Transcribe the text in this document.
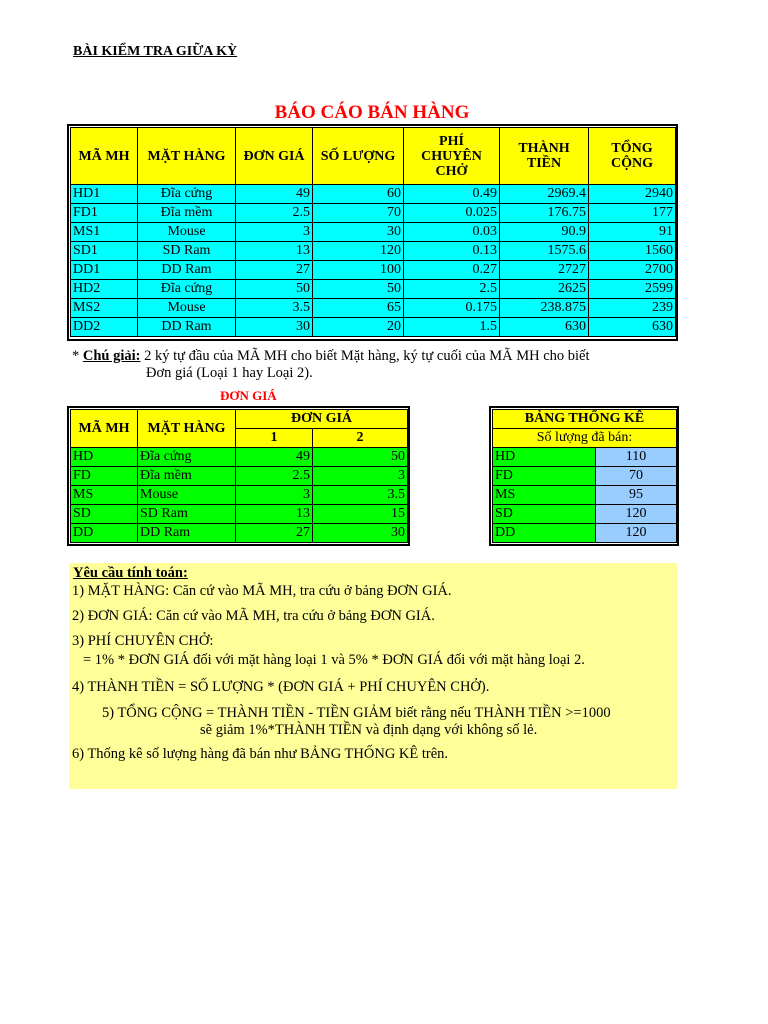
BÀI KIỂM TRA GIỮA KỲ
BÁO CÁO BÁN HÀNG
MÃ MH	MẶT HÀNG	ĐƠN GIÁ	SỐ LƯỢNG	PHÍ CHUYÊN CHỞ	THÀNH TIỀN	TỔNG CỘNG
HD1	Đĩa cứng	49	60	0.49	2969.4	2940
FD1	Đĩa mềm	2.5	70	0.025	176.75	177
MS1	Mouse	3	30	0.03	90.9	91
SD1	SD Ram	13	120	0.13	1575.6	1560
DD1	DD Ram	27	100	0.27	2727	2700
HD2	Đĩa cứng	50	50	2.5	2625	2599
MS2	Mouse	3.5	65	0.175	238.875	239
DD2	DD Ram	30	20	1.5	630	630
* Chú giải: 2 ký tự đầu của MÃ MH cho biết Mặt hàng, ký tự cuối của MÃ MH cho biết
Đơn giá (Loại 1 hay Loại 2).
ĐƠN GIÁ
MÃ MH	MẶT HÀNG	ĐƠN GIÁ	
		1	2
HD	Đĩa cứng	49	50
FD	Đĩa mềm	2.5	3
MS	Mouse	3	3.5
SD	SD Ram	13	15
DD	DD Ram	27	30
BẢNG THỐNG KÊ	
Số lượng đã bán:	
HD	110
FD	70
MS	95
SD	120
DD	120
Yêu cầu tính toán:
1) MẶT HÀNG: Căn cứ vào MÃ MH, tra cứu ở bảng ĐƠN GIÁ.
2) ĐƠN GIÁ: Căn cứ vào MÃ MH, tra cứu ở bảng ĐƠN GIÁ.
3) PHÍ CHUYÊN CHỞ:
= 1% * ĐƠN GIÁ đối với mặt hàng loại 1 và 5% * ĐƠN GIÁ đối với mặt hàng loại 2.
4) THÀNH TIỀN = SỐ LƯỢNG * (ĐƠN GIÁ + PHÍ CHUYÊN CHỞ).
5) TỔNG CỘNG = THÀNH TIỀN - TIỀN GIẢM biết rằng nếu THÀNH TIỀN >=1000
sẽ giảm 1%*THÀNH TIỀN và định dạng với không số lẻ.
6) Thống kê số lượng hàng đã bán như BẢNG THỐNG KÊ trên.
